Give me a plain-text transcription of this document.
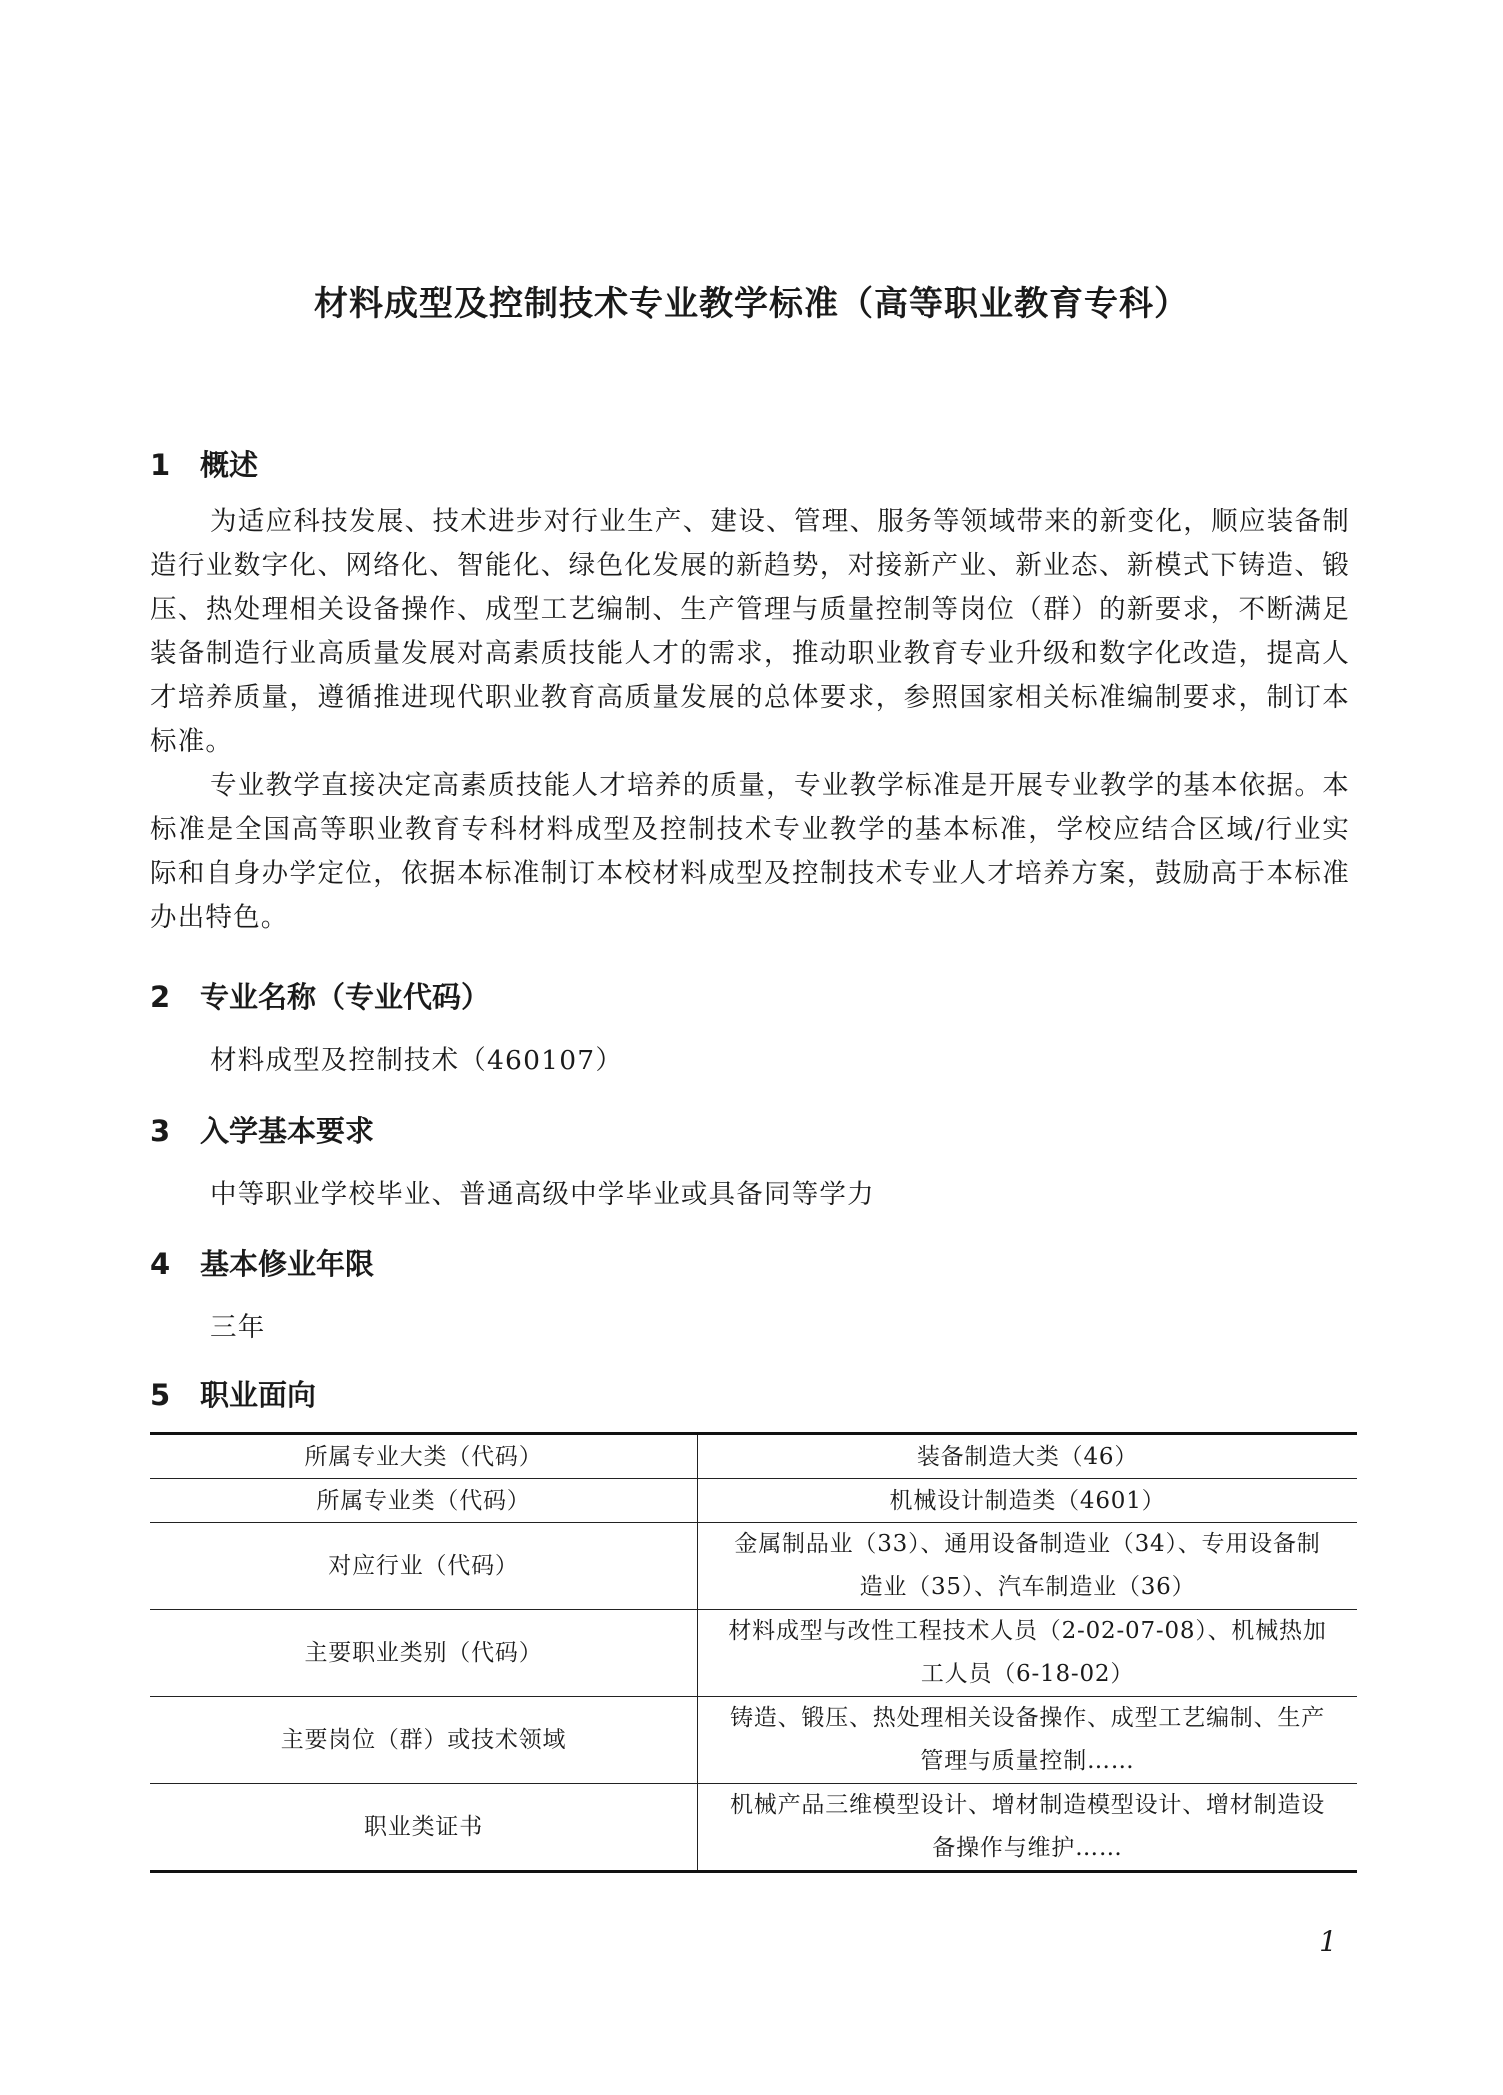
材料成型及控制技术专业教学标准（高等职业教育专科）
1 概述

为适应科技发展、技术进步对行业生产、建设、管理、服务等领域带来的新变化，顺应装备制造行业数字化、网络化、智能化、绿色化发展的新趋势，对接新产业、新业态、新模式下铸造、锻压、热处理相关设备操作、成型工艺编制、生产管理与质量控制等岗位（群）的新要求，不断满足装备制造行业高质量发展对高素质技能人才的需求，推动职业教育专业升级和数字化改造，提高人才培养质量，遵循推进现代职业教育高质量发展的总体要求，参照国家相关标准编制要求，制订本标准。

专业教学直接决定高素质技能人才培养的质量，专业教学标准是开展专业教学的基本依据。本标准是全国高等职业教育专科材料成型及控制技术专业教学的基本标准，学校应结合区域/行业实际和自身办学定位，依据本标准制订本校材料成型及控制技术专业人才培养方案，鼓励高于本标准办出特色。

2 专业名称（专业代码）

材料成型及控制技术（460107）

3 入学基本要求

中等职业学校毕业、普通高级中学毕业或具备同等学力

4 基本修业年限

三年

5 职业面向
所属专业大类（代码）	装备制造大类（46）
所属专业类（代码）	机械设计制造类（4601）
对应行业（代码）	金属制品业（33）、通用设备制造业（34）、专用设备制造业（35）、汽车制造业（36）
主要职业类别（代码）	材料成型与改性工程技术人员（2-02-07-08）、机械热加工人员（6-18-02）
主要岗位（群）或技术领域	铸造、锻压、热处理相关设备操作、成型工艺编制、生产管理与质量控制……
职业类证书	机械产品三维模型设计、增材制造模型设计、增材制造设备操作与维护……
1
